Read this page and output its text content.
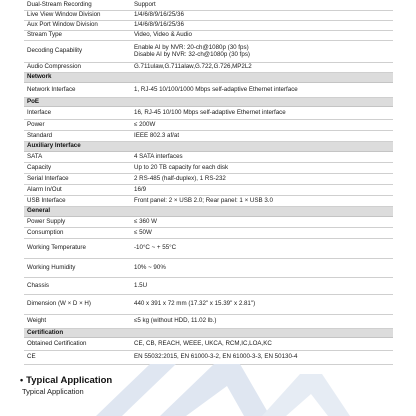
Dual-Stream Recording	Support

Live View Window Division	1/4/6/8/9/16/25/36

Aux Port Window Division	1/4/6/8/9/16/25/36

Stream Type	Video, Video & Audio

Decoding Capability	Enable AI by NVR: 20-ch@1080p (30 fps)
Disable AI by NVR: 32-ch@1080p (30 fps)

Audio Compression	G.711ulaw,G.711alaw,G.722,G.726,MP2L2

Network	
Network Interface	1, RJ-45 10/100/1000 Mbps self-adaptive Ethernet interface

PoE	
Interface	16, RJ-45 10/100 Mbps self-adaptive Ethernet interface

Power	≤ 200W

Standard	IEEE 802.3 af/at

Auxiliary Interface	
SATA	4 SATA interfaces

Capacity	Up to 20 TB capacity for each disk

Serial Interface	2 RS-485 (half-duplex), 1 RS-232

Alarm In/Out	16/9

USB Interface	Front panel: 2 × USB 2.0; Rear panel: 1 × USB 3.0

General	
Power Supply	≤ 360 W

Consumption	≤ 50W

Working Temperature	-10°C ~ + 55°C

Working Humidity	10% ~ 90%

Chassis	1.5U

Dimension (W × D × H)	440 x 391 x 72 mm (17.32" x 15.39" x 2.81")

Weight	≤5 kg (without HDD, 11.02 lb.)

Certification	
Obtained Certification	CE, CB, REACH, WEEE, UKCA, RCM,IC,LOA,KC

CE	EN 55032:2015, EN 61000-3-2, EN 61000-3-3, EN 50130-4
• Typical Application
Typical Application
